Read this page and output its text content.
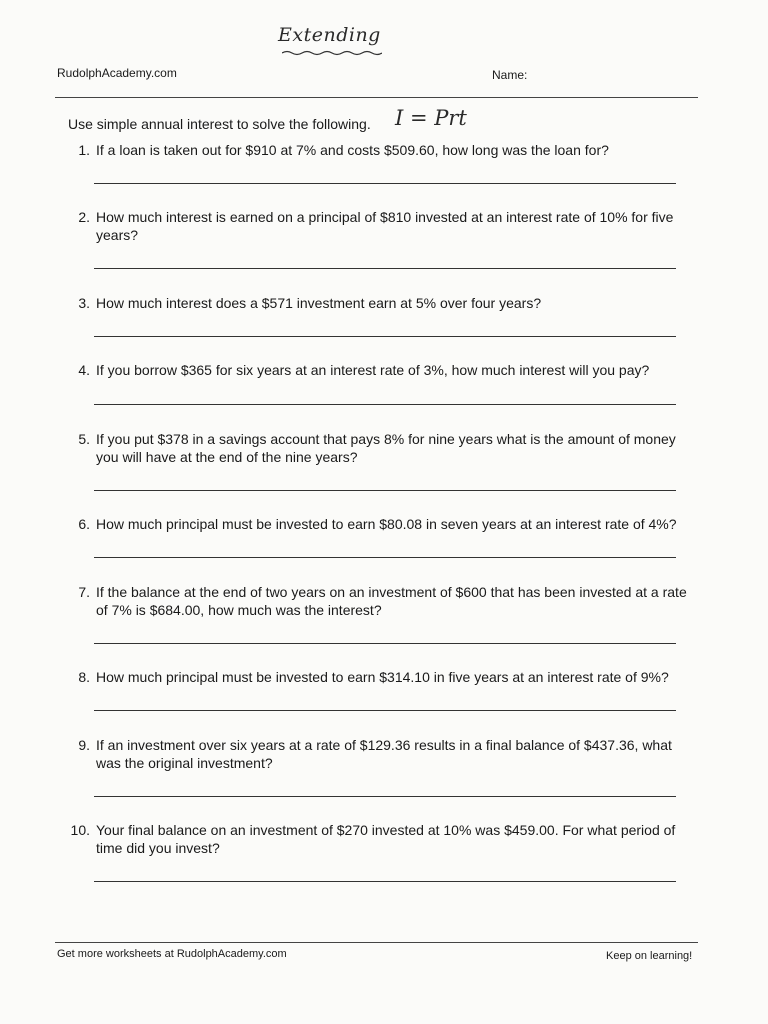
Extending
RudolphAcademy.com	Name:
Use simple annual interest to solve the following. I = Prt
1. If a loan is taken out for $910 at 7% and costs $509.60, how long was the loan for?
2. How much interest is earned on a principal of $810 invested at an interest rate of 10% for five years?
3. How much interest does a $571 investment earn at 5% over four years?
4. If you borrow $365 for six years at an interest rate of 3%, how much interest will you pay?
5. If you put $378 in a savings account that pays 8% for nine years what is the amount of money you will have at the end of the nine years?
6. How much principal must be invested to earn $80.08 in seven years at an interest rate of 4%?
7. If the balance at the end of two years on an investment of $600 that has been invested at a rate of 7% is $684.00, how much was the interest?
8. How much principal must be invested to earn $314.10 in five years at an interest rate of 9%?
9. If an investment over six years at a rate of $129.36 results in a final balance of $437.36, what was the original investment?
10. Your final balance on an investment of $270 invested at 10% was $459.00. For what period of time did you invest?
Get more worksheets at RudolphAcademy.com	Keep on learning!
